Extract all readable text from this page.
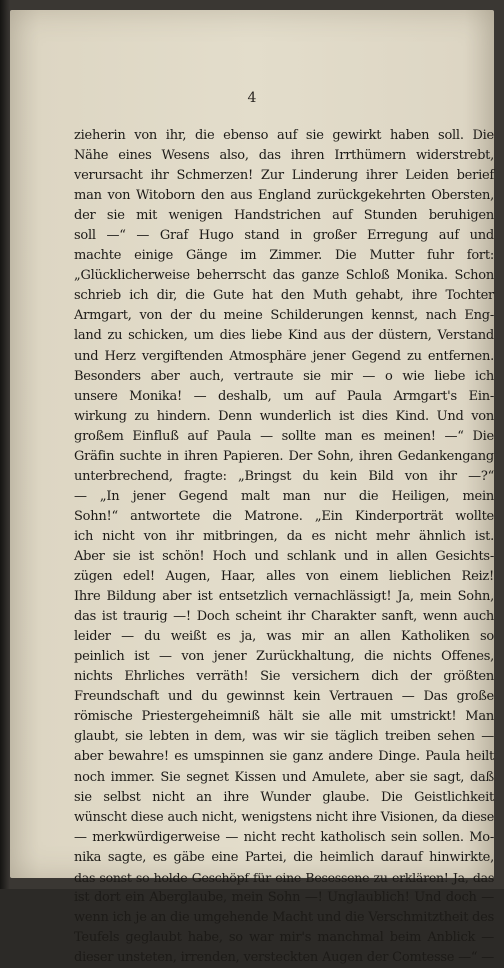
4
zieherin von ihr, die ebenso auf sie gewirkt haben soll. Die
Nähe eines Wesens also, das ihren Irrthümern widerstrebt,
verursacht ihr Schmerzen! Zur Linderung ihrer Leiden berief
man von Witoborn den aus England zurückgekehrten Obersten,
der sie mit wenigen Handstrichen auf Stunden beruhigen
soll —“ — Graf Hugo stand in großer Erregung auf und
machte einige Gänge im Zimmer. Die Mutter fuhr fort:
„Glücklicherweise beherrscht das ganze Schloß Monika. Schon
schrieb ich dir, die Gute hat den Muth gehabt, ihre Tochter
Armgart, von der du meine Schilderungen kennst, nach Eng-
land zu schicken, um dies liebe Kind aus der düstern, Verstand
und Herz vergiftenden Atmosphäre jener Gegend zu entfernen.
Besonders aber auch, vertraute sie mir — o wie liebe ich
unsere Monika! — deshalb, um auf Paula Armgart's Ein-
wirkung zu hindern. Denn wunderlich ist dies Kind. Und von
großem Einfluß auf Paula — sollte man es meinen! —“ Die
Gräfin suchte in ihren Papieren. Der Sohn, ihren Gedankengang
unterbrechend, fragte: „Bringst du kein Bild von ihr —?“
— „In jener Gegend malt man nur die Heiligen, mein
Sohn!“ antwortete die Matrone. „Ein Kinderporträt wollte
ich nicht von ihr mitbringen, da es nicht mehr ähnlich ist.
Aber sie ist schön! Hoch und schlank und in allen Gesichts-
zügen edel! Augen, Haar, alles von einem lieblichen Reiz!
Ihre Bildung aber ist entsetzlich vernachlässigt! Ja, mein Sohn,
das ist traurig —! Doch scheint ihr Charakter sanft, wenn auch
leider — du weißt es ja, was mir an allen Katholiken so
peinlich ist — von jener Zurückhaltung, die nichts Offenes,
nichts Ehrliches verräth! Sie versichern dich der größten
Freundschaft und du gewinnst kein Vertrauen — Das große
römische Priestergeheimniß hält sie alle mit umstrickt! Man
glaubt, sie lebten in dem, was wir sie täglich treiben sehen —
aber bewahre! es umspinnen sie ganz andere Dinge. Paula heilt
noch immer. Sie segnet Kissen und Amulete, aber sie sagt, daß
sie selbst nicht an ihre Wunder glaube. Die Geistlichkeit
wünscht diese auch nicht, wenigstens nicht ihre Visionen, da diese
— merkwürdigerweise — nicht recht katholisch sein sollen. Mo-
nika sagte, es gäbe eine Partei, die heimlich darauf hinwirkte,
das sonst so holde Geschöpf für eine Besessene zu erklären! Ja, das
ist dort ein Aberglaube, mein Sohn —! Unglaublich! Und doch —
wenn ich je an die umgehende Macht und die Verschmitztheit des
Teufels geglaubt habe, so war mir's manchmal beim Anblick —
dieser unsteten, irrenden, versteckten Augen der Comtesse —“ —
